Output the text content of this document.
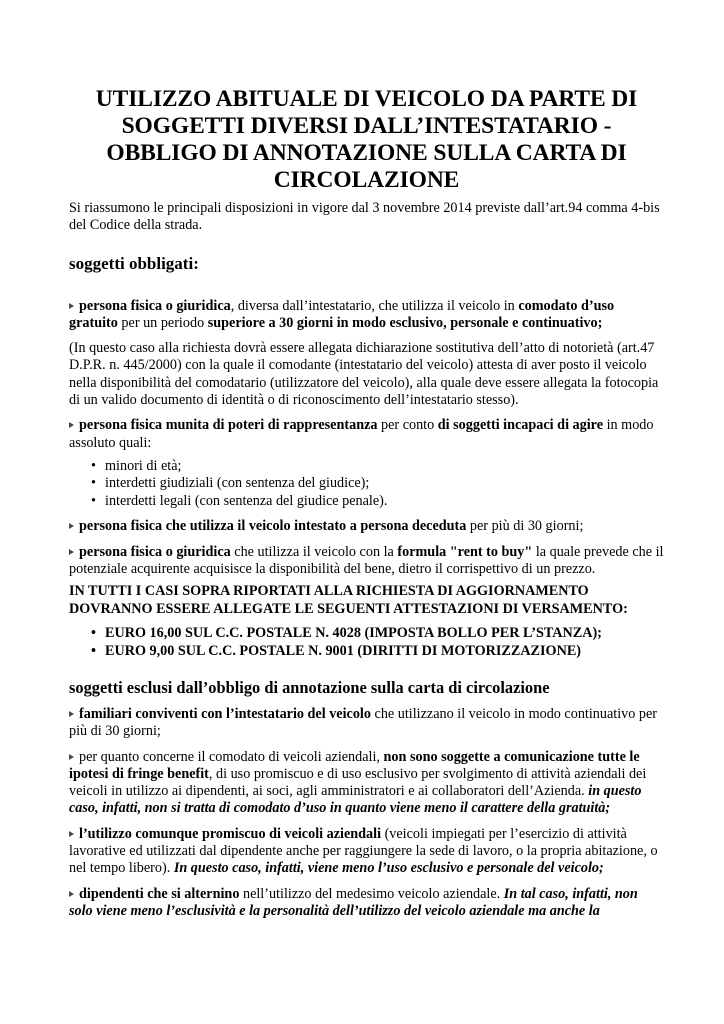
UTILIZZO ABITUALE DI VEICOLO DA PARTE DI
SOGGETTI DIVERSI DALL’INTESTATARIO -
OBBLIGO DI ANNOTAZIONE SULLA CARTA DI
CIRCOLAZIONE

Si riassumono le principali disposizioni in vigore dal 3 novembre 2014 previste dall’art.94 comma 4-bis del Codice della strada.

soggetti obbligati:

persona fisica o giuridica, diversa dall’intestatario, che utilizza il veicolo in comodato d’uso gratuito per un periodo superiore a 30 giorni in modo esclusivo, personale e continuativo;

(In questo caso alla richiesta dovrà essere allegata dichiarazione sostitutiva dell’atto di notorietà (art.47 D.P.R. n. 445/2000) con la quale il comodante (intestatario del veicolo) attesta di aver posto il veicolo nella disponibilità del comodatario (utilizzatore del veicolo), alla quale deve essere allegata la fotocopia di un valido documento di identità o di riconoscimento dell’intestatario stesso).

persona fisica munita di poteri di rappresentanza per conto di soggetti incapaci di agire in modo assoluto quali:

• minori di età;
• interdetti giudiziali (con sentenza del giudice);
• interdetti legali (con sentenza del giudice penale).

persona fisica che utilizza il veicolo intestato a persona deceduta per più di 30 giorni;

persona fisica o giuridica che utilizza il veicolo con la formula "rent to buy" la quale prevede che il potenziale acquirente acquisisce la disponibilità del bene, dietro il corrispettivo di un prezzo.

IN TUTTI I CASI SOPRA RIPORTATI ALLA RICHIESTA DI AGGIORNAMENTO DOVRANNO ESSERE ALLEGATE LE SEGUENTI ATTESTAZIONI DI VERSAMENTO:

• EURO 16,00 SUL C.C. POSTALE N. 4028 (IMPOSTA BOLLO PER L’STANZA);
• EURO 9,00 SUL C.C. POSTALE N. 9001 (DIRITTI DI MOTORIZZAZIONE)
soggetti esclusi dall’obbligo di annotazione sulla carta di circolazione

familiari conviventi con l’intestatario del veicolo che utilizzano il veicolo in modo continuativo per più di 30 giorni;

per quanto concerne il comodato di veicoli aziendali, non sono soggette a comunicazione tutte le ipotesi di fringe benefit, di uso promiscuo e di uso esclusivo per svolgimento di attività aziendali dei veicoli in utilizzo ai dipendenti, ai soci, agli amministratori e ai collaboratori dell’Azienda. in questo caso, infatti, non si tratta di comodato d’uso in quanto viene meno il carattere della gratuità;

l’utilizzo comunque promiscuo di veicoli aziendali (veicoli impiegati per l’esercizio di attività lavorative ed utilizzati dal dipendente anche per raggiungere la sede di lavoro, o la propria abitazione, o nel tempo libero). In questo caso, infatti, viene meno l’uso esclusivo e personale del veicolo;

dipendenti che si alternino nell’utilizzo del medesimo veicolo aziendale. In tal caso, infatti, non solo viene meno l’esclusività e la personalità dell’utilizzo del veicolo aziendale ma anche la
